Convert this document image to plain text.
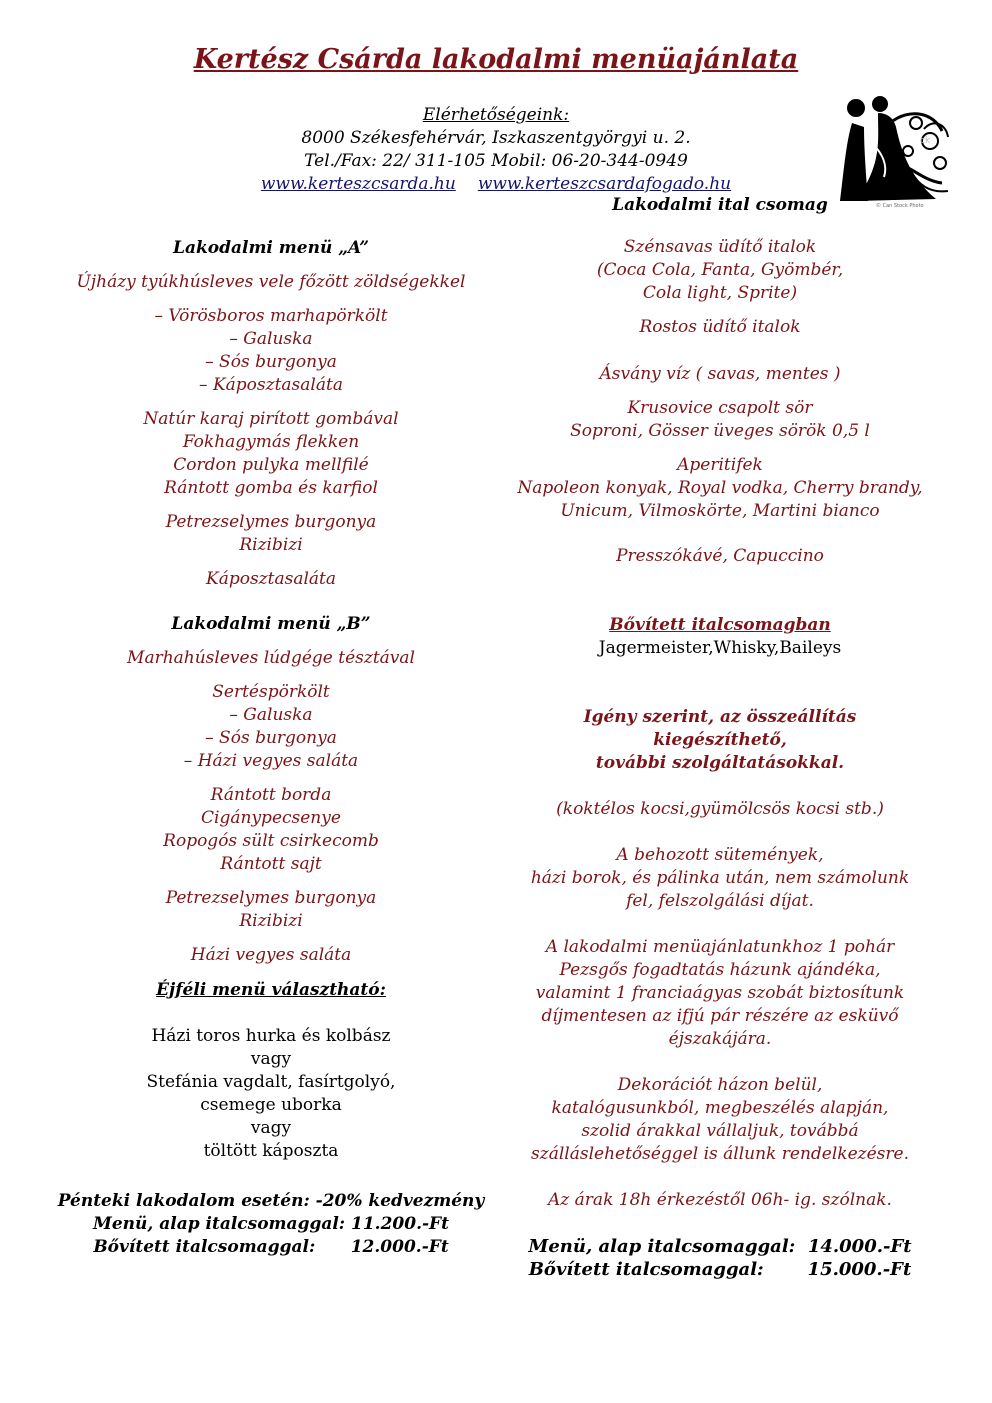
Kertész Csárda lakodalmi menüajánlata
Elérhetőségeink:
8000 Székesfehérvár, Iszkaszentgyörgyi u. 2.
Tel./Fax: 22/ 311-105 Mobil: 06-20-344-0949
www.kerteszcsarda.hu www.kerteszcsardafogado.hu
ck
© Can Stock Photo
Lakodalmi menü „A”
Újházy tyúkhúsleves vele főzött zöldségekkel
– Vörösboros marhapörkölt
– Galuska
– Sós burgonya
– Káposztasaláta
Natúr karaj pirított gombával
Fokhagymás flekken
Cordon pulyka mellfilé
Rántott gomba és karfiol
Petrezselymes burgonya
Rizibizi
Káposztasaláta
Lakodalmi menü „B”
Marhahúsleves lúdgége tésztával
Sertéspörkölt
– Galuska
– Sós burgonya
– Házi vegyes saláta
Rántott borda
Cigánypecsenye
Ropogós sült csirkecomb
Rántott sajt
Petrezselymes burgonya
Rizibizi
Házi vegyes saláta
Éjféli menü választható:
Házi toros hurka és kolbász
vagy
Stefánia vagdalt, fasírtgolyó,
csemege uborka
vagy
töltött káposzta
Pénteki lakodalom esetén: -20% kedvezmény
Menü, alap italcsomaggal: 11.200.-Ft
Bővített italcsomaggal:      12.000.-Ft
Lakodalmi ital csomag
Szénsavas üdítő italok
(Coca Cola, Fanta, Gyömbér,
Cola light, Sprite)
Rostos üdítő italok
Ásvány víz ( savas, mentes )
Krusovice csapolt sör
Soproni, Gösser üveges sörök 0,5 l
Aperitifek
Napoleon konyak, Royal vodka, Cherry brandy,
Unicum, Vilmoskörte, Martini bianco
Presszókávé, Capuccino
Bővített italcsomagban
Jagermeister,Whisky,Baileys
Igény szerint, az összeállítás
kiegészíthető,
további szolgáltatásokkal.
(koktélos kocsi,gyümölcsös kocsi stb.)
A behozott sütemények,
házi borok, és pálinka után, nem számolunk
fel, felszolgálási díjat.
A lakodalmi menüajánlatunkhoz 1 pohár
Pezsgős fogadtatás házunk ajándéka,
valamint 1 franciaágyas szobát biztosítunk
díjmentesen az ifjú pár részére az esküvő
éjszakájára.
Dekorációt házon belül,
katalógusunkból, megbeszélés alapján,
szolid árakkal vállaljuk, továbbá
szálláslehetőséggel is állunk rendelkezésre.
Az árak 18h érkezéstől 06h- ig. szólnak.
Menü, alap italcsomaggal:  14.000.-Ft
Bővített italcsomaggal:       15.000.-Ft
